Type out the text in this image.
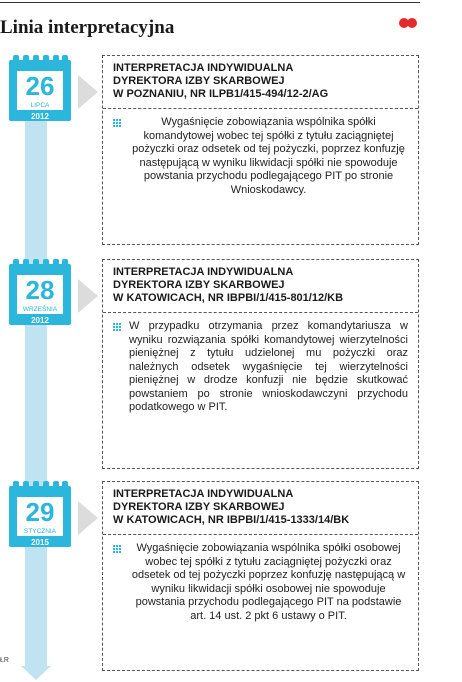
Linia interpretacyjna
ŁR
26
LIPCA
2012
INTERPRETACJA INDYWIDUALNA
DYREKTORA IZBY SKARBOWEJ
W POZNANIU, NR ILPB1/415-494/12-2/AG
Wygaśnięcie zobowiązania wspólnika spółki komandytowej wobec tej spółki z tytułu zaciągniętej pożyczki oraz odsetek od tej pożyczki, poprzez konfuzję następującą w wyniku likwidacji spółki nie spowoduje powstania przychodu podlegającego PIT po stronie Wnioskodawcy.
28
WRZEŚNIA
2012
INTERPRETACJA INDYWIDUALNA
DYREKTORA IZBY SKARBOWEJ
W KATOWICACH, NR IBPBI/1/415-801/12/KB
W przypadku otrzymania przez komandytariusza w wyniku rozwiązania spółki komandytowej wierzytelności pieniężnej z tytułu udzielonej mu pożyczki oraz należnych odsetek wygaśnięcie tej wierzytelności pieniężnej w drodze konfuzji nie będzie skutkować powstaniem po stronie wnioskodawczyni przychodu podatkowego w PIT.
29
STYCZNIA
2015
INTERPRETACJA INDYWIDUALNA
DYREKTORA IZBY SKARBOWEJ
W KATOWICACH, NR IBPBI/1/415-1333/14/BK
Wygaśnięcie zobowiązania wspólnika spółki osobowej wobec tej spółki z tytułu zaciągniętej pożyczki oraz odsetek od tej pożyczki poprzez konfuzję następującą w wyniku likwidacji spółki osobowej nie spowoduje powstania przychodu podlegającego PIT na podstawie art. 14 ust. 2 pkt 6 ustawy o PIT.
